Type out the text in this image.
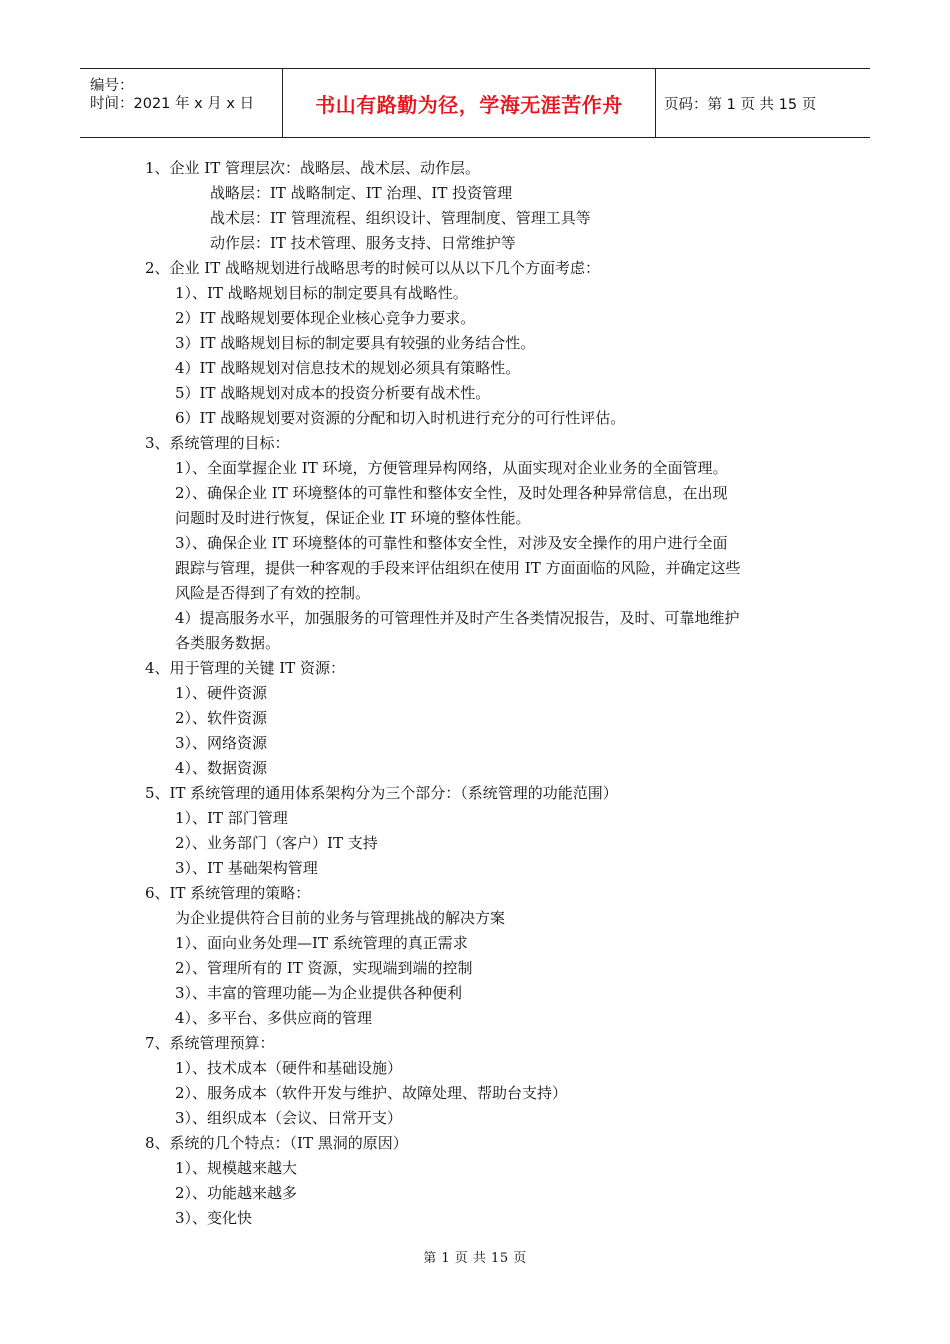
编号：
时间：2021 年 x 月 x 日	书山有路勤为径，学海无涯苦作舟	页码：第 1 页 共 15 页
1、企业 IT 管理层次：战略层、战术层、动作层。
战略层：IT 战略制定、IT 治理、IT 投资管理
战术层：IT 管理流程、组织设计、管理制度、管理工具等
动作层：IT 技术管理、服务支持、日常维护等
2、企业 IT 战略规划进行战略思考的时候可以从以下几个方面考虑：
1）、IT 战略规划目标的制定要具有战略性。
2）IT 战略规划要体现企业核心竞争力要求。
3）IT 战略规划目标的制定要具有较强的业务结合性。
4）IT 战略规划对信息技术的规划必须具有策略性。
5）IT 战略规划对成本的投资分析要有战术性。
6）IT 战略规划要对资源的分配和切入时机进行充分的可行性评估。
3、系统管理的目标：
1）、全面掌握企业 IT 环境，方便管理异构网络，从面实现对企业业务的全面管理。
2）、确保企业 IT 环境整体的可靠性和整体安全性，及时处理各种异常信息，在出现
问题时及时进行恢复，保证企业 IT 环境的整体性能。
3）、确保企业 IT 环境整体的可靠性和整体安全性，对涉及安全操作的用户进行全面
跟踪与管理，提供一种客观的手段来评估组织在使用 IT 方面面临的风险，并确定这些
风险是否得到了有效的控制。
4）提高服务水平，加强服务的可管理性并及时产生各类情况报告，及时、可靠地维护
各类服务数据。
4、用于管理的关键 IT 资源：
1）、硬件资源
2）、软件资源
3）、网络资源
4）、数据资源
5、IT 系统管理的通用体系架构分为三个部分：（系统管理的功能范围）
1）、IT 部门管理
2）、业务部门（客户）IT 支持
3）、IT 基础架构管理
6、IT 系统管理的策略：
为企业提供符合目前的业务与管理挑战的解决方案
1）、面向业务处理—IT 系统管理的真正需求
2）、管理所有的 IT 资源，实现端到端的控制
3）、丰富的管理功能—为企业提供各种便利
4）、多平台、多供应商的管理
7、系统管理预算：
1）、技术成本（硬件和基础设施）
2）、服务成本（软件开发与维护、故障处理、帮助台支持）
3）、组织成本（会议、日常开支）
8、系统的几个特点：（IT 黑洞的原因）
1）、规模越来越大
2）、功能越来越多
3）、变化快
第 1 页 共 15 页
